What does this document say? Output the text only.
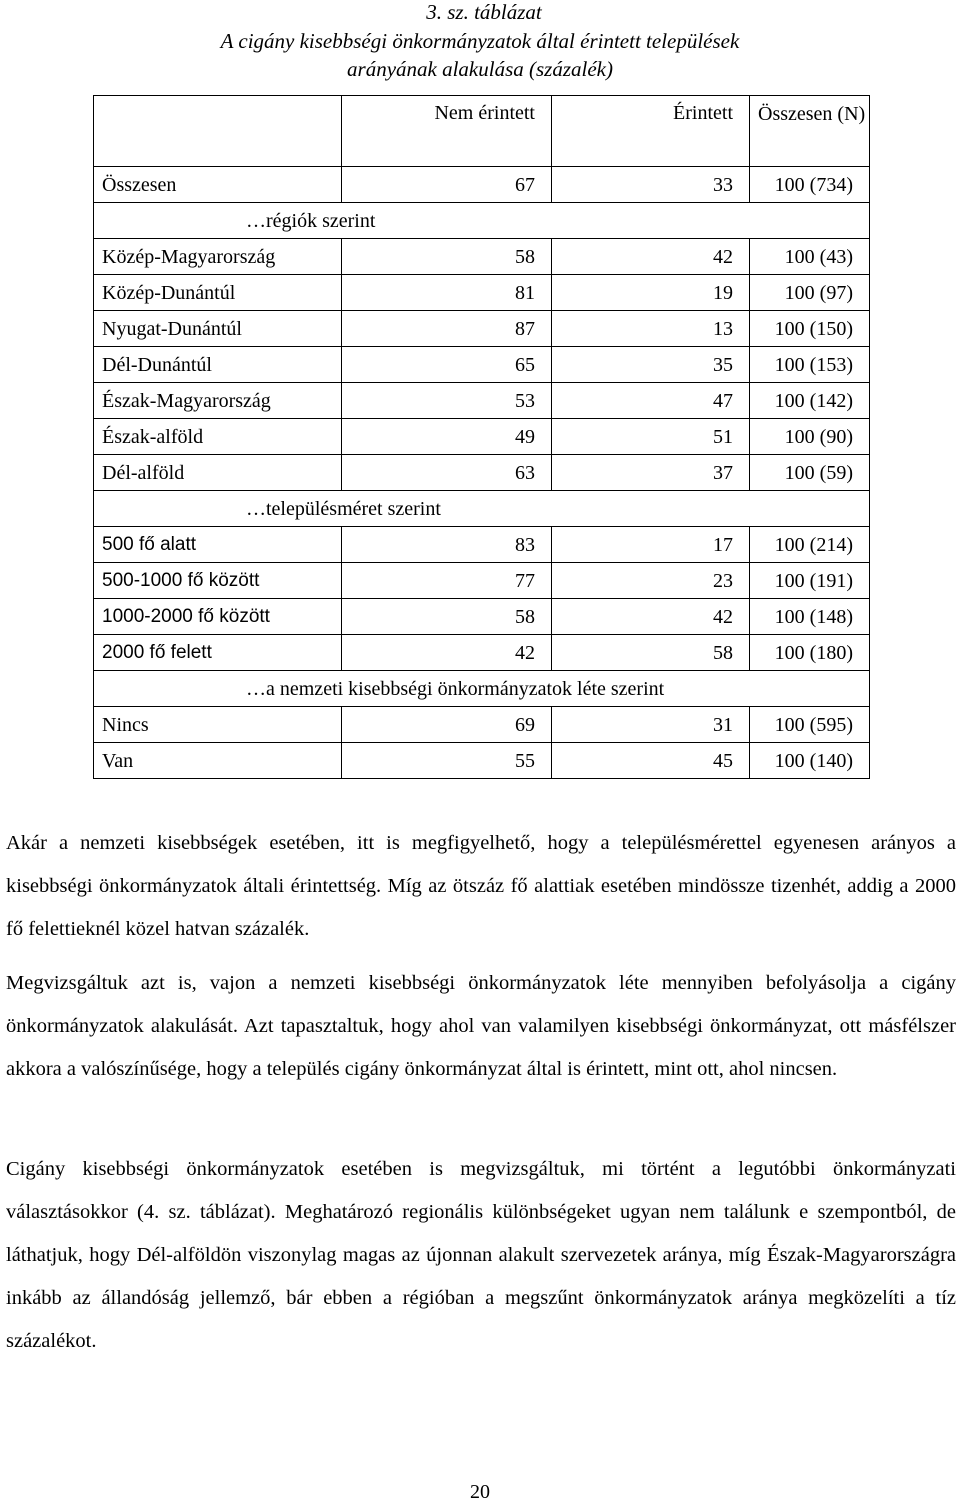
3. sz. táblázat
A cigány kisebbségi önkormányzatok által érintett települések
arányának alakulása (százalék)
	Nem érintett	Érintett	Összesen (N)
Összesen	67	33	100 (734)
…régiók szerint			
Közép-Magyarország	58	42	100 (43)
Közép-Dunántúl	81	19	100 (97)
Nyugat-Dunántúl	87	13	100 (150)
Dél-Dunántúl	65	35	100 (153)
Észak-Magyarország	53	47	100 (142)
Észak-alföld	49	51	100 (90)
Dél-alföld	63	37	100 (59)
…településméret szerint			
500 fő alatt	83	17	100 (214)
500-1000 fő között	77	23	100 (191)
1000-2000 fő között	58	42	100 (148)
2000 fő felett	42	58	100 (180)
…a nemzeti kisebbségi önkormányzatok léte szerint			
Nincs	69	31	100 (595)
Van	55	45	100 (140)

Akár a nemzeti kisebbségek esetében, itt is megfigyelhető, hogy a településmérettel egyenesen arányos a kisebbségi önkormányzatok általi érintettség. Míg az ötszáz fő alattiak esetében mindössze tizenhét, addig a 2000 fő felettieknél közel hatvan százalék.

Megvizsgáltuk azt is, vajon a nemzeti kisebbségi önkormányzatok léte mennyiben befolyásolja a cigány önkormányzatok alakulását. Azt tapasztaltuk, hogy ahol van valamilyen kisebbségi önkormányzat, ott másfélszer akkora a valószínűsége, hogy a település cigány önkormányzat által is érintett, mint ott, ahol nincsen.

Cigány kisebbségi önkormányzatok esetében is megvizsgáltuk, mi történt a legutóbbi önkormányzati választásokkor (4. sz. táblázat). Meghatározó regionális különbségeket ugyan nem találunk e szempontból, de láthatjuk, hogy Dél-alföldön viszonylag magas az újonnan alakult szervezetek aránya, míg Észak-Magyarországra inkább az állandóság jellemző, bár ebben a régióban a megszűnt önkormányzatok aránya megközelíti a tíz százalékot.

20
